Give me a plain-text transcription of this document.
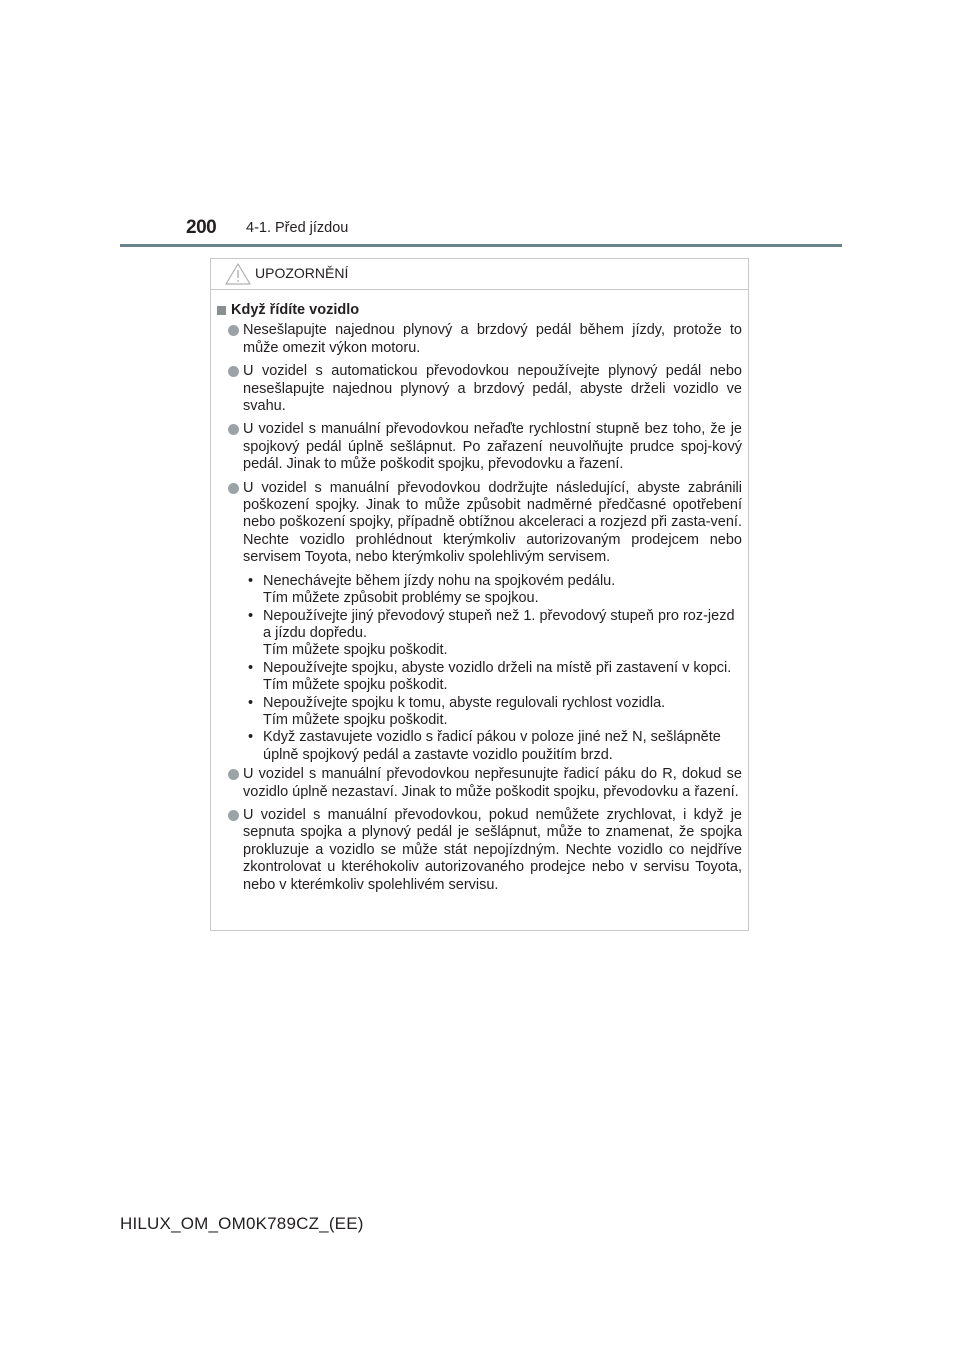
200 4-1. Před jízdou
UPOZORNĚNÍ
Když řídíte vozidlo
Nesešlapujte najednou plynový a brzdový pedál během jízdy, protože to může omezit výkon motoru.
U vozidel s automatickou převodovkou nepoužívejte plynový pedál nebo nesešlapujte najednou plynový a brzdový pedál, abyste drželi vozidlo ve svahu.
U vozidel s manuální převodovkou neřaďte rychlostní stupně bez toho, že je spojkový pedál úplně sešlápnut. Po zařazení neuvolňujte prudce spoj-kový pedál. Jinak to může poškodit spojku, převodovku a řazení.
U vozidel s manuální převodovkou dodržujte následující, abyste zabránili poškození spojky. Jinak to může způsobit nadměrné předčasné opotřebení nebo poškození spojky, případně obtížnou akceleraci a rozjezd při zasta-vení. Nechte vozidlo prohlédnout kterýmkoliv autorizovaným prodejcem nebo servisem Toyota, nebo kterýmkoliv spolehlivým servisem.
• Nenechávejte během jízdy nohu na spojkovém pedálu.
Tím můžete způsobit problémy se spojkou.
• Nepoužívejte jiný převodový stupeň než 1. převodový stupeň pro roz-jezd a jízdu dopředu.
Tím můžete spojku poškodit.
• Nepoužívejte spojku, abyste vozidlo drželi na místě při zastavení v kopci.
Tím můžete spojku poškodit.
• Nepoužívejte spojku k tomu, abyste regulovali rychlost vozidla.
Tím můžete spojku poškodit.
• Když zastavujete vozidlo s řadicí pákou v poloze jiné než N, sešlápněte úplně spojkový pedál a zastavte vozidlo použitím brzd.
U vozidel s manuální převodovkou nepřesunujte řadicí páku do R, dokud se vozidlo úplně nezastaví. Jinak to může poškodit spojku, převodovku a řazení.
U vozidel s manuální převodovkou, pokud nemůžete zrychlovat, i když je sepnuta spojka a plynový pedál je sešlápnut, může to znamenat, že spojka prokluzuje a vozidlo se může stát nepojízdným. Nechte vozidlo co nejdříve zkontrolovat u kteréhokoliv autorizovaného prodejce nebo v servisu Toyota, nebo v kterémkoliv spolehlivém servisu.
HILUX_OM_OM0K789CZ_(EE)
